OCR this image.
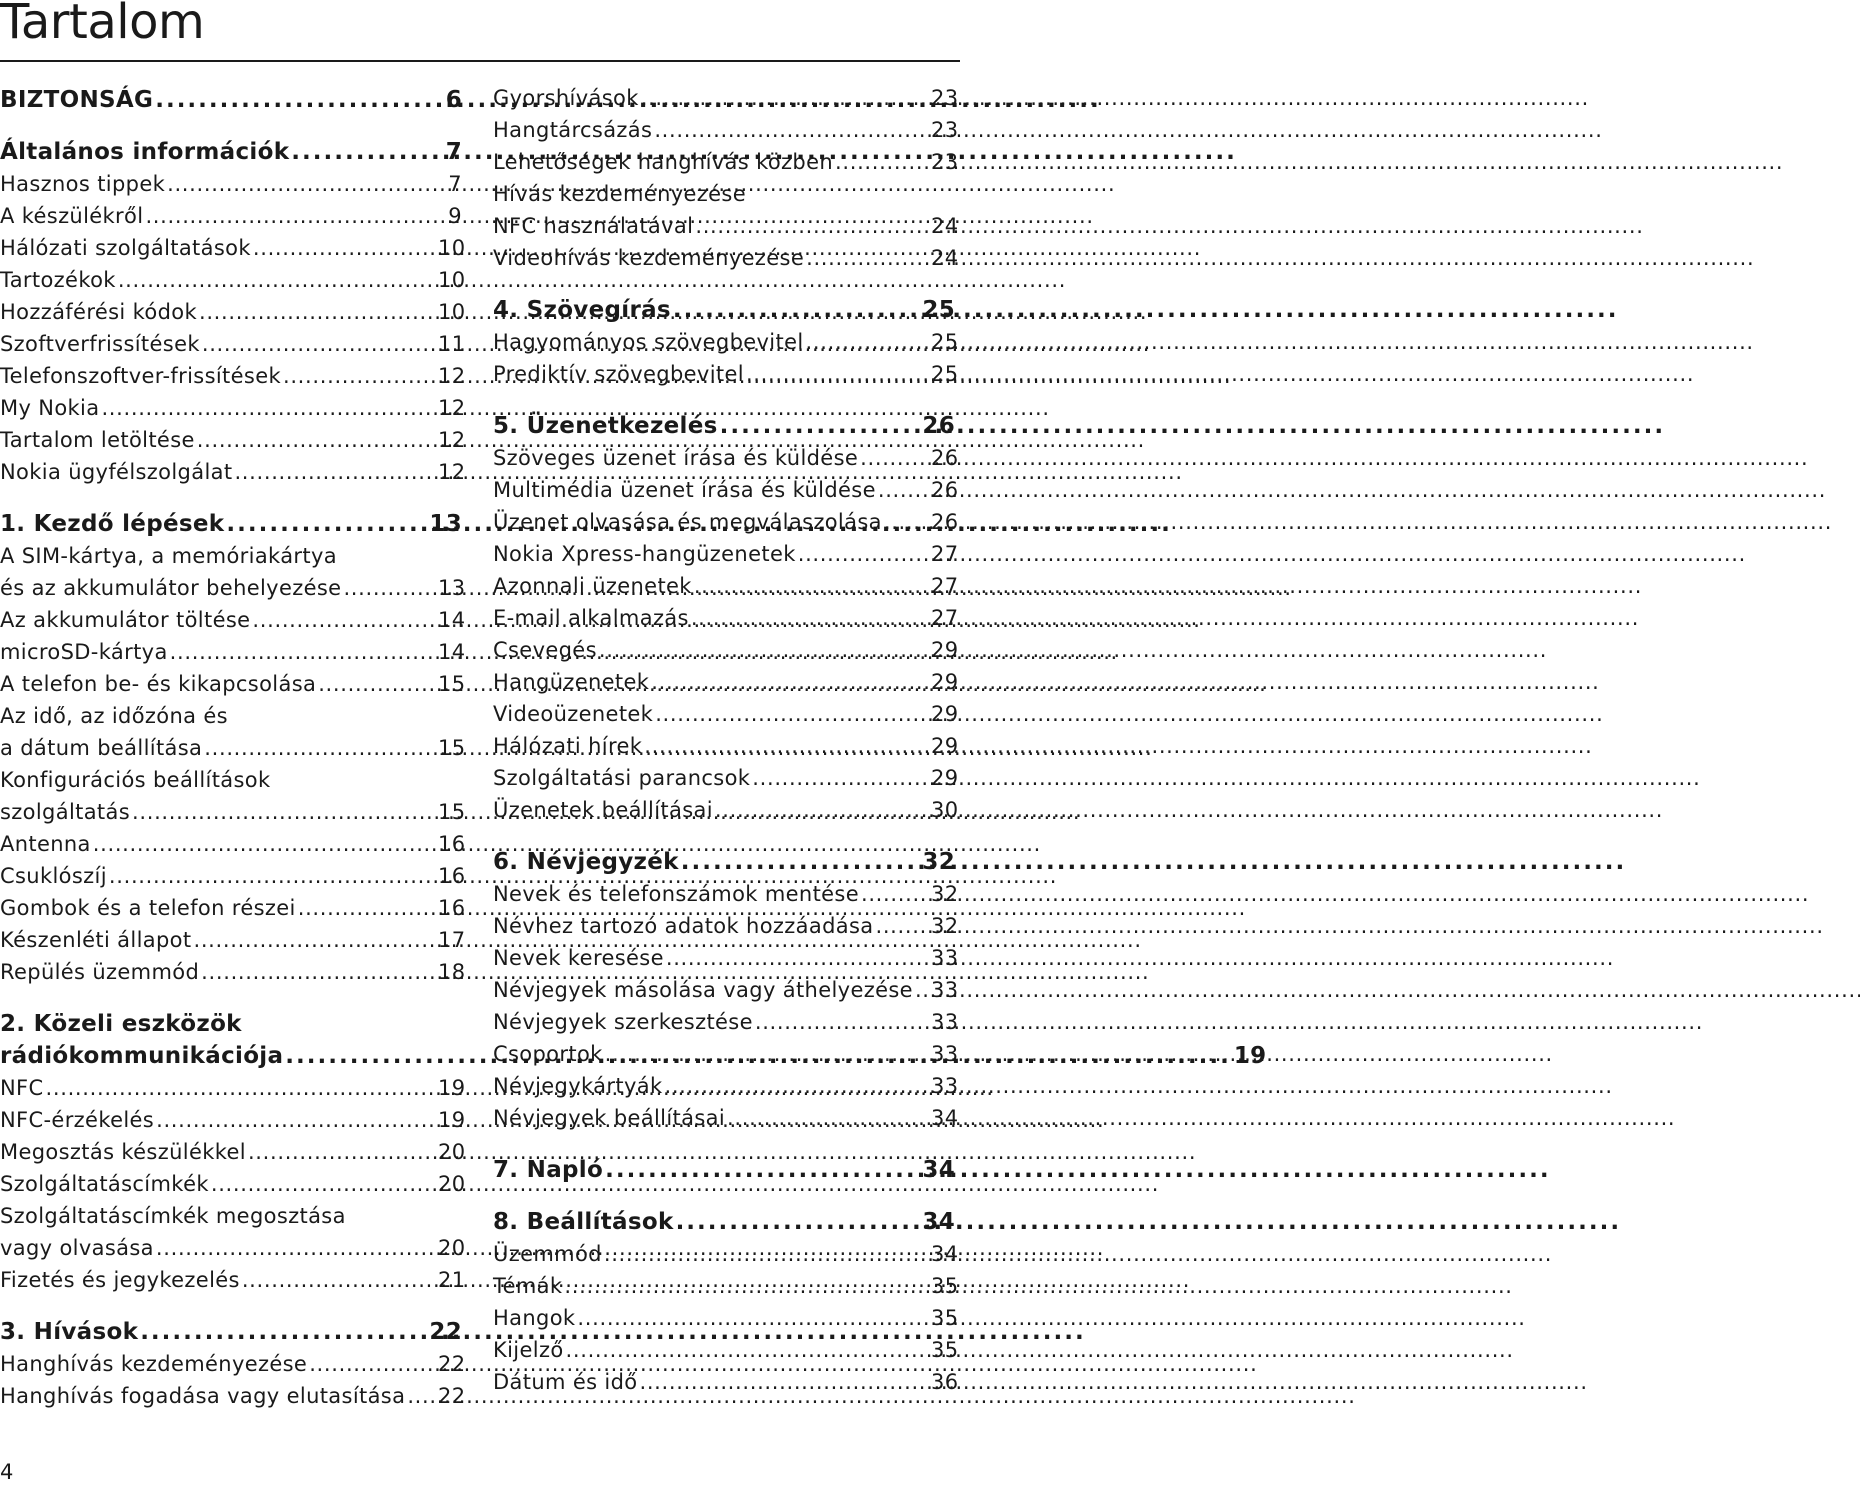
Tartalom
BIZTONSÁG . . .	6
Általános információk . . .	7
Hasznos tippek . . .	7
A készülékről . . .	9
Hálózati szolgáltatások . . .	10
Tartozékok . . .	10
Hozzáférési kódok . . .	10
Szoftverfrissítések . . .	11
Telefonszoftver-frissítések . . .	12
My Nokia . . .	12
Tartalom letöltése . . .	12
Nokia ügyfélszolgálat . . .	12
1. Kezdő lépések . . .	13
A SIM-kártya, a memóriakártya
és az akkumulátor behelyezése . . .	13
Az akkumulátor töltése . . .	14
microSD-kártya . . .	14
A telefon be- és kikapcsolása . . .	15
Az idő, az időzóna és
a dátum beállítása . . .	15
Konfigurációs beállítások
szolgáltatás . . .	15
Antenna . . .	16
Csuklószíj . . .	16
Gombok és a telefon részei . . .	16
Készenléti állapot . . .	17
Repülés üzemmód . . .	18
2. Közeli eszközök
rádiókommunikációja . . .	19
NFC . . .	19
NFC-érzékelés . . .	19
Megosztás készülékkel . . .	20
Szolgáltatáscímkék . . .	20
Szolgáltatáscímkék megosztása
vagy olvasása . . .	20
Fizetés és jegykezelés . . .	21
3. Hívások . . .	22
Hanghívás kezdeményezése . . .	22
Hanghívás fogadása vagy elutasítása . . . 22
Gyorshívások . . .	23
Hangtárcsázás . . .	23
Lehetőségek hanghívás közben . . .	23
Hívás kezdeményezése
NFC használatával . . .	24
Videohívás kezdeményezése . . .	24
4. Szövegírás . . .	25
Hagyományos szövegbevitel . . .	25
Prediktív szövegbevitel . . .	25
5. Üzenetkezelés . . .	26
Szöveges üzenet írása és küldése . . .	26
Multimédia üzenet írása és küldése . . .	26
Üzenet olvasása és megválaszolása . . . 26
Nokia Xpress-hangüzenetek . . .	27
Azonnali üzenetek . . .	27
E-mail alkalmazás . . .	27
Csevegés . . .	29
Hangüzenetek . . .	29
Videoüzenetek . . .	29
Hálózati hírek . . .	29
Szolgáltatási parancsok . . .	29
Üzenetek beállításai . . .	30
6. Névjegyzék . . .	32
Nevek és telefonszámok mentése . . .	32
Névhez tartozó adatok hozzáadása . . .	32
Nevek keresése . . .	33
Névjegyek másolása vagy áthelyezése . . . 33
Névjegyek szerkesztése . . .	33
Csoportok . . .	33
Névjegykártyák . . .	33
Névjegyek beállításai . . .	34
7. Napló . . .	34
8. Beállítások . . .	34
Üzemmód . . .	34
Témák . . .	35
Hangok . . .	35
Kijelző . . .	35
Dátum és idő . . .	36
4
